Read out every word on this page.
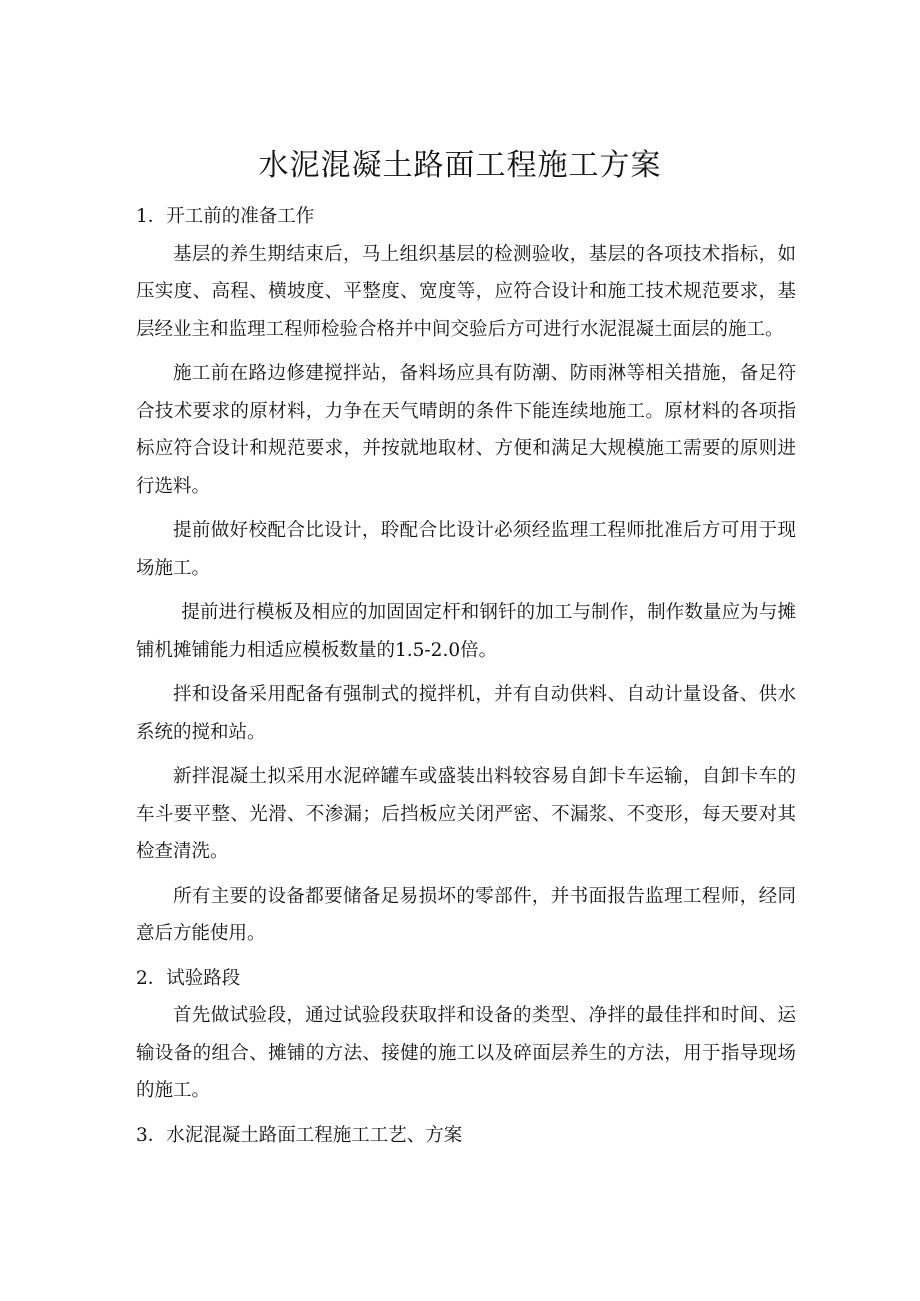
水泥混凝土路面工程施工方案

1．开工前的准备工作

基层的养生期结束后，马上组织基层的检测验收，基层的各项技术指标，如压实度、高程、横坡度、平整度、宽度等，应符合设计和施工技术规范要求，基层经业主和监理工程师检验合格并中间交验后方可进行水泥混凝土面层的施工。

施工前在路边修建搅拌站，备料场应具有防潮、防雨淋等相关措施，备足符合技术要求的原材料，力争在天气晴朗的条件下能连续地施工。原材料的各项指标应符合设计和规范要求，并按就地取材、方便和满足大规模施工需要的原则进行选料。

提前做好校配合比设计，聆配合比设计必须经监理工程师批准后方可用于现场施工。

提前进行模板及相应的加固固定杆和钢钎的加工与制作，制作数量应为与摊铺机摊铺能力相适应模板数量的1.5-2.0倍。

拌和设备采用配备有强制式的搅拌机，并有自动供料、自动计量设备、供水系统的搅和站。

新拌混凝土拟采用水泥碎罐车或盛装出料较容易自卸卡车运输，自卸卡车的车斗要平整、光滑、不渗漏；后挡板应关闭严密、不漏浆、不变形，每天要对其检查清洗。

所有主要的设备都要储备足易损坏的零部件，并书面报告监理工程师，经同意后方能使用。

2．试验路段

首先做试验段，通过试验段获取拌和设备的类型、净拌的最佳拌和时间、运输设备的组合、摊铺的方法、接健的施工以及碎面层养生的方法，用于指导现场的施工。

3．水泥混凝土路面工程施工工艺、方案
